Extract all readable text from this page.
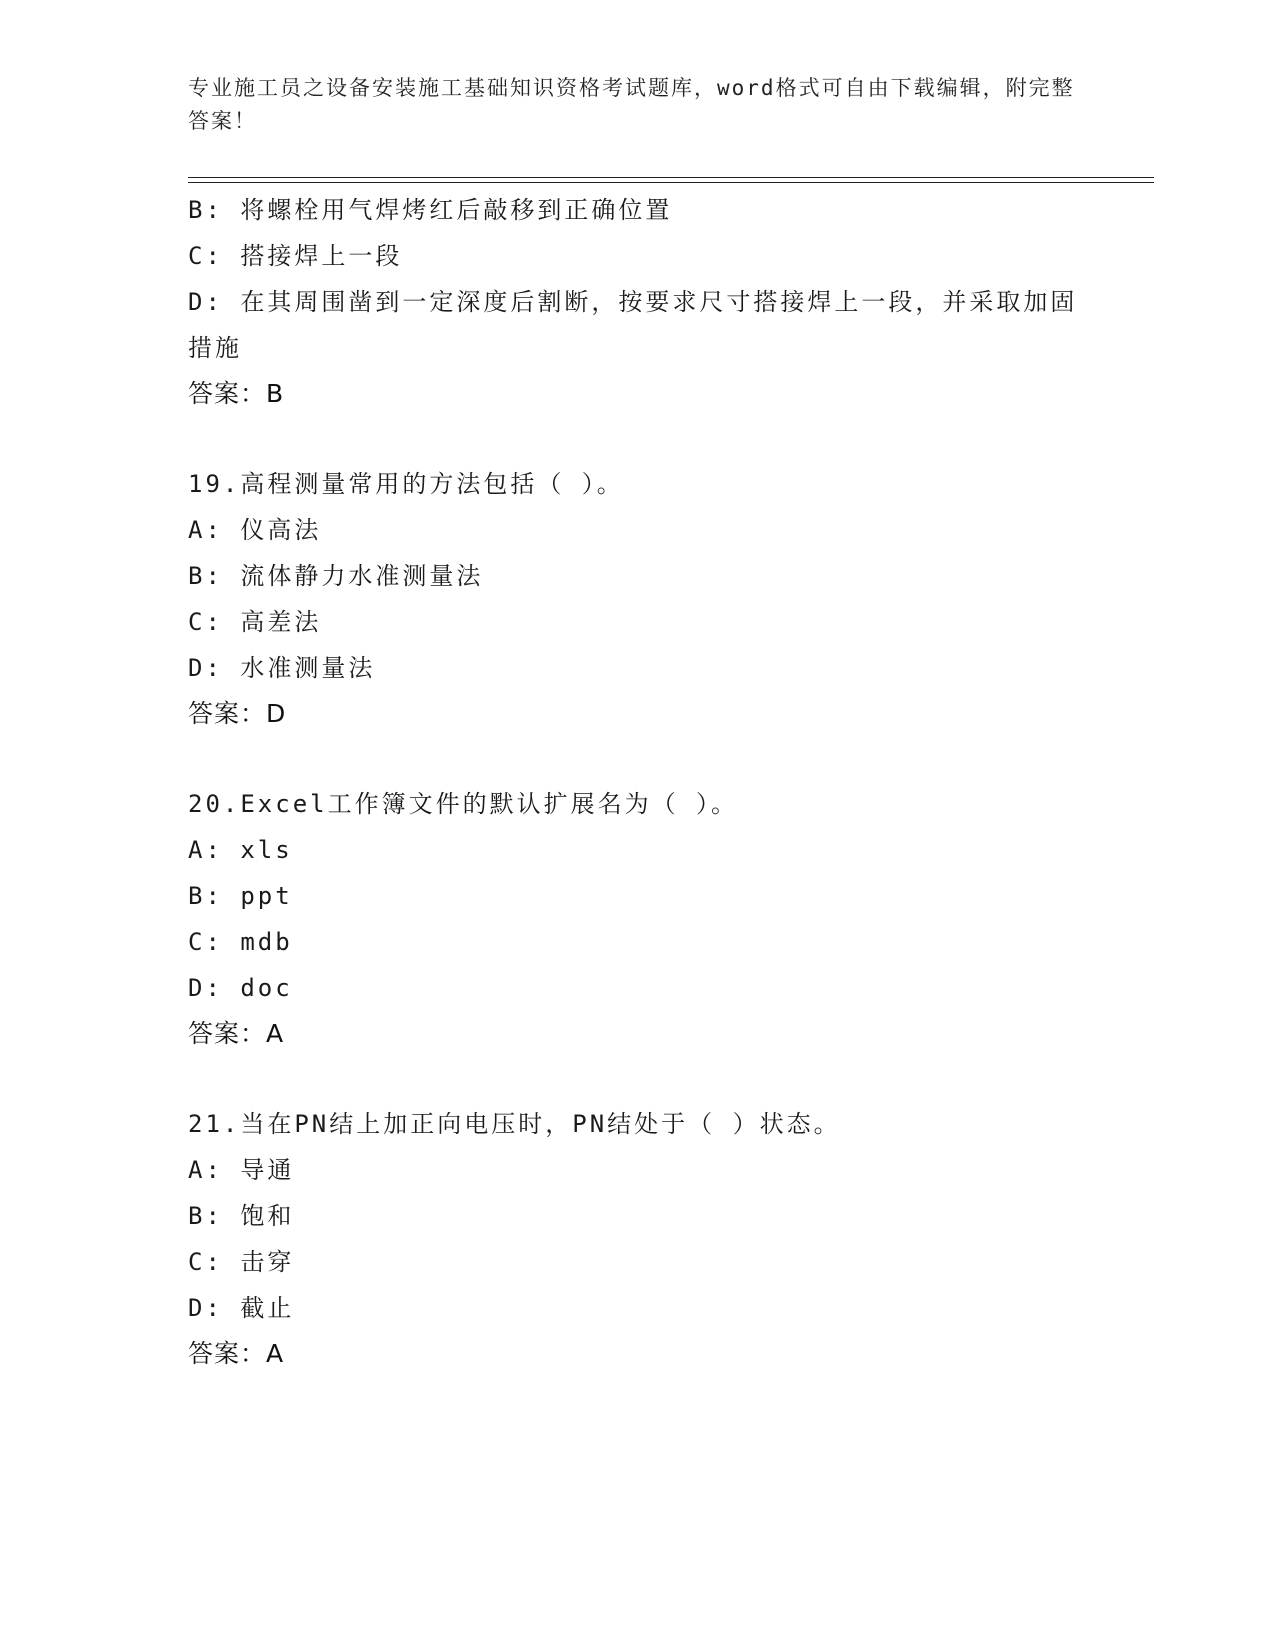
专业施工员之设备安装施工基础知识资格考试题库，word格式可自由下载编辑，附完整答案！
B: 将螺栓用气焊烤红后敲移到正确位置
C: 搭接焊上一段
D: 在其周围凿到一定深度后割断，按要求尺寸搭接焊上一段，并采取加固措施
答案：B
19.高程测量常用的方法包括（ ）。
A: 仪高法
B: 流体静力水准测量法
C: 高差法
D: 水准测量法
答案：D
20.Excel工作簿文件的默认扩展名为（ ）。
A: xls
B: ppt
C: mdb
D: doc
答案：A
21.当在PN结上加正向电压时，PN结处于（ ）状态。
A: 导通
B: 饱和
C: 击穿
D: 截止
答案：A
